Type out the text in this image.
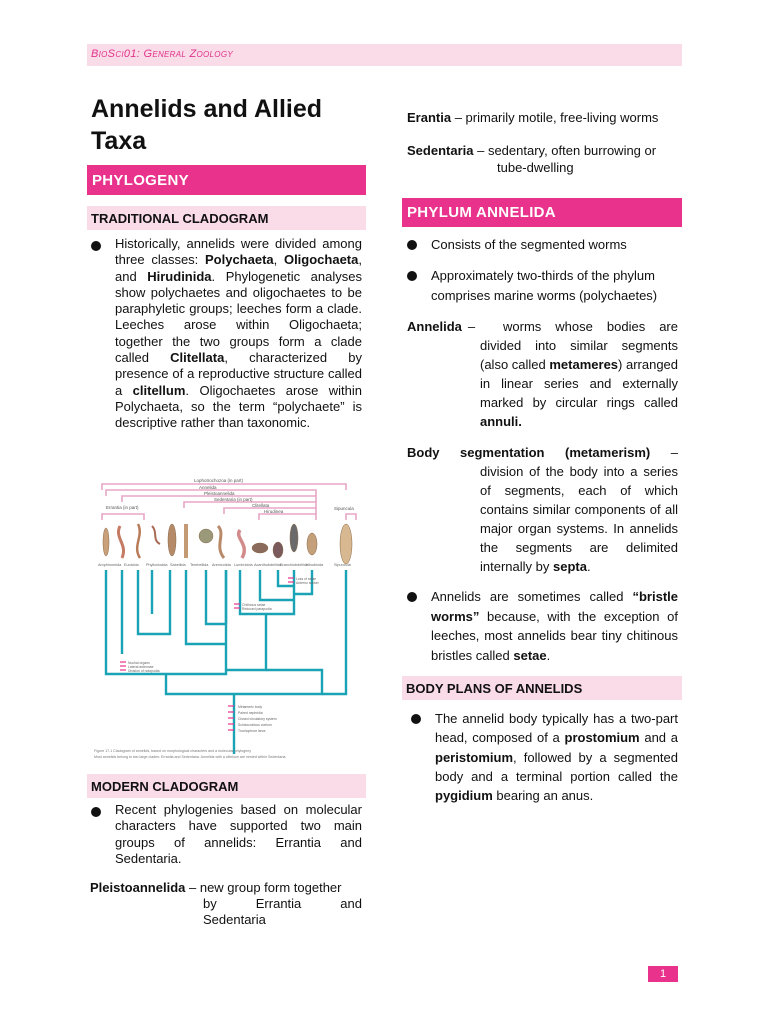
BioSci01: General Zoology
Annelids and Allied Taxa
PHYLOGENY
TRADITIONAL CLADOGRAM
Historically, annelids were divided among three classes: Polychaeta, Oligochaeta, and Hirudinida. Phylogenetic analyses show polychaetes and oligochaetes to be paraphyletic groups; leeches form a clade. Leeches arose within Oligochaeta; together the two groups form a clade called Clitellata, characterized by presence of a reproductive structure called a clitellum. Oligochaetes arose within Polychaeta, so the term “polychaete” is descriptive rather than taxonomic.
Lophotrochozoa (in part)
Annelida
Pleistoannelida
Sedentaria (in part)
Clitellata
Hirudinea
Errantia (in part)	Sipuncula
Amphinomida Eunicida Phyllodocida Sabellida Terebellida Arenicolida Lumbricida Acanthobdellida
Branchiobdellida
Hirudinida	Sipuncula
Nuchal organs
Lateral antennae
Division of notopodia
Chitinous setae
Reduced parapodia
Loss of setae
Anterior sucker
Metameric body
Paired nephridia
Closed circulatory system
Schizocoelous coelom
Trochophore larva
Figure 17.1 Cladogram of annelids, based on morphological characters and a molecular phylogeny
Most annelids belong to two large clades: Errantia and Sedentaria. Annelids with a clitellum are nested within Sedentaria.
MODERN CLADOGRAM
Recent phylogenies based on molecular characters have supported two main groups of annelids: Errantia and Sedentaria.
Pleistoannelida – new group form together
by     Errantia     and
Sedentaria
Erantia – primarily motile, free-living worms
Sedentaria – sedentary, often burrowing or
tube-dwelling
PHYLUM ANNELIDA
Consists of the segmented worms
Approximately two-thirds of the phylum comprises marine worms (polychaetes)
Annelida –	worms whose bodies are divided into similar segments (also called metameres) arranged in linear series and externally marked by circular rings called annuli.
Body segmentation (metamerism) –
division of the body into a series of segments, each of which contains similar components of all major organ systems. In annelids the segments are delimited internally by septa.
Annelids are sometimes called “bristle worms” because, with the exception of leeches, most annelids bear tiny chitinous bristles called setae.
BODY PLANS OF ANNELIDS
The annelid body typically has a two-part head, composed of a prostomium and a peristomium, followed by a segmented body and a terminal portion called the pygidium bearing an anus.
1
